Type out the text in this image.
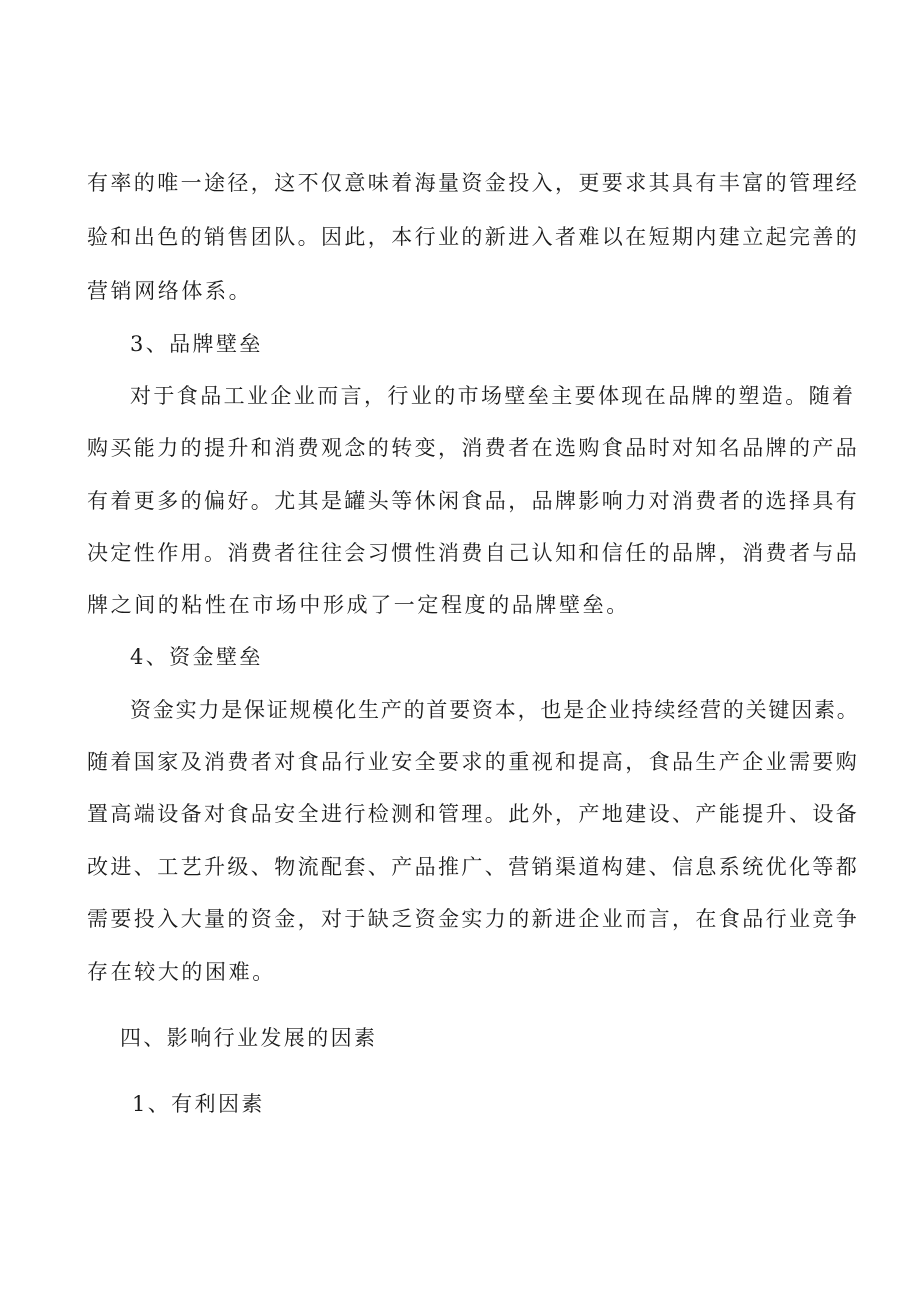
有率的唯一途径，这不仅意味着海量资金投入，更要求其具有丰富的管理经
验和出色的销售团队。因此，本行业的新进入者难以在短期内建立起完善的
营销网络体系。
3、品牌壁垒
对于食品工业企业而言，行业的市场壁垒主要体现在品牌的塑造。随着
购买能力的提升和消费观念的转变，消费者在选购食品时对知名品牌的产品
有着更多的偏好。尤其是罐头等休闲食品，品牌影响力对消费者的选择具有
决定性作用。消费者往往会习惯性消费自己认知和信任的品牌，消费者与品
牌之间的粘性在市场中形成了一定程度的品牌壁垒。
4、资金壁垒
资金实力是保证规模化生产的首要资本，也是企业持续经营的关键因素。
随着国家及消费者对食品行业安全要求的重视和提高，食品生产企业需要购
置高端设备对食品安全进行检测和管理。此外，产地建设、产能提升、设备
改进、工艺升级、物流配套、产品推广、营销渠道构建、信息系统优化等都
需要投入大量的资金，对于缺乏资金实力的新进企业而言，在食品行业竞争
存在较大的困难。
四、影响行业发展的因素
1、有利因素
